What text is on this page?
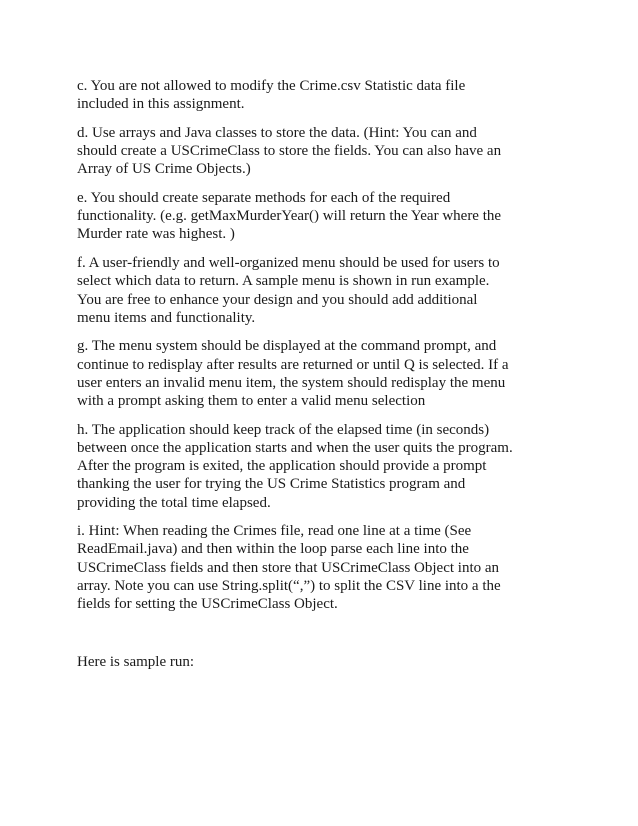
c. You are not allowed to modify the Crime.csv Statistic data file
included in this assignment.
d. Use arrays and Java classes to store the data. (Hint: You can and
should create a USCrimeClass to store the fields. You can also have an
Array of US Crime Objects.)
e. You should create separate methods for each of the required
functionality. (e.g. getMaxMurderYear() will return the Year where the
Murder rate was highest. )
f. A user-friendly and well-organized menu should be used for users to
select which data to return. A sample menu is shown in run example.
You are free to enhance your design and you should add additional
menu items and functionality.
g. The menu system should be displayed at the command prompt, and
continue to redisplay after results are returned or until Q is selected. If a
user enters an invalid menu item, the system should redisplay the menu
with a prompt asking them to enter a valid menu selection
h. The application should keep track of the elapsed time (in seconds)
between once the application starts and when the user quits the program.
After the program is exited, the application should provide a prompt
thanking the user for trying the US Crime Statistics program and
providing the total time elapsed.
i. Hint: When reading the Crimes file, read one line at a time (See
ReadEmail.java) and then within the loop parse each line into the
USCrimeClass fields and then store that USCrimeClass Object into an
array. Note you can use String.split(“,”) to split the CSV line into a the
fields for setting the USCrimeClass Object.
Here is sample run:
